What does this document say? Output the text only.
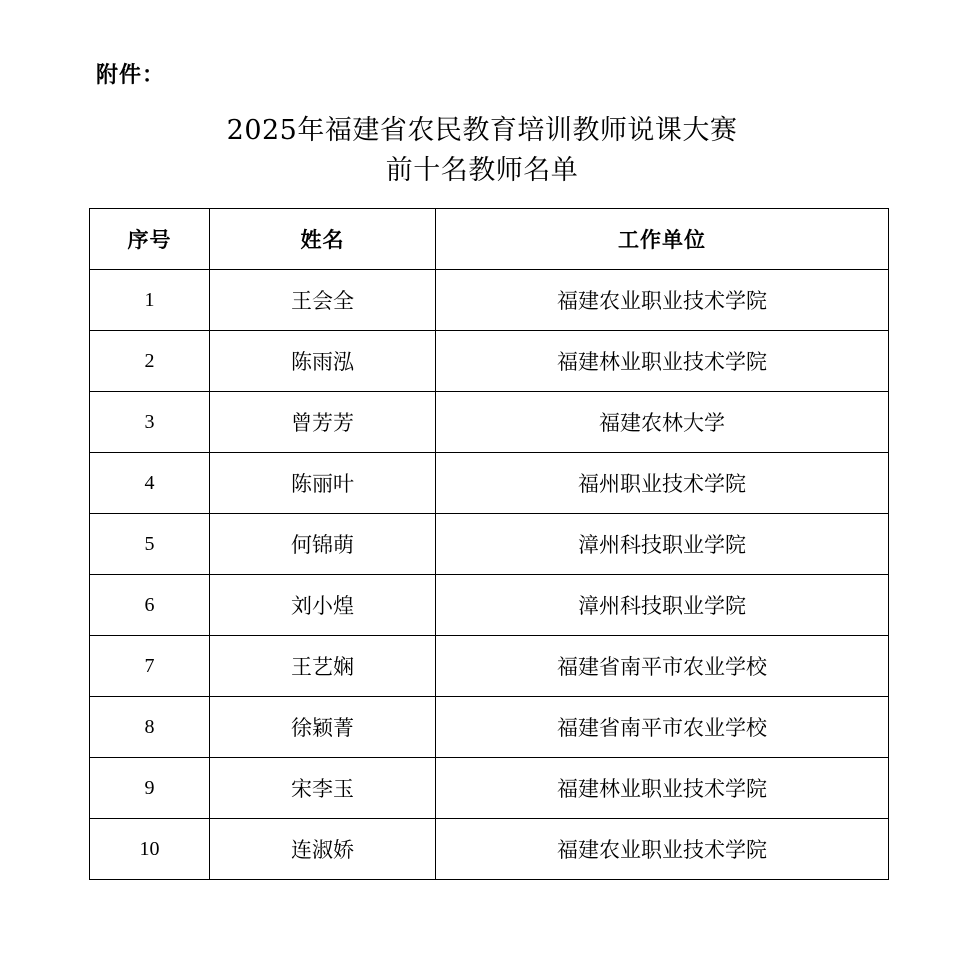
附件：
2025年福建省农民教育培训教师说课大赛
前十名教师名单
序号	姓名	工作单位
1	王会全	福建农业职业技术学院
2	陈雨泓	福建林业职业技术学院
3	曾芳芳	福建农林大学
4	陈丽叶	福州职业技术学院
5	何锦萌	漳州科技职业学院
6	刘小煌	漳州科技职业学院
7	王艺娴	福建省南平市农业学校
8	徐颖菁	福建省南平市农业学校
9	宋李玉	福建林业职业技术学院
10	连淑娇	福建农业职业技术学院
